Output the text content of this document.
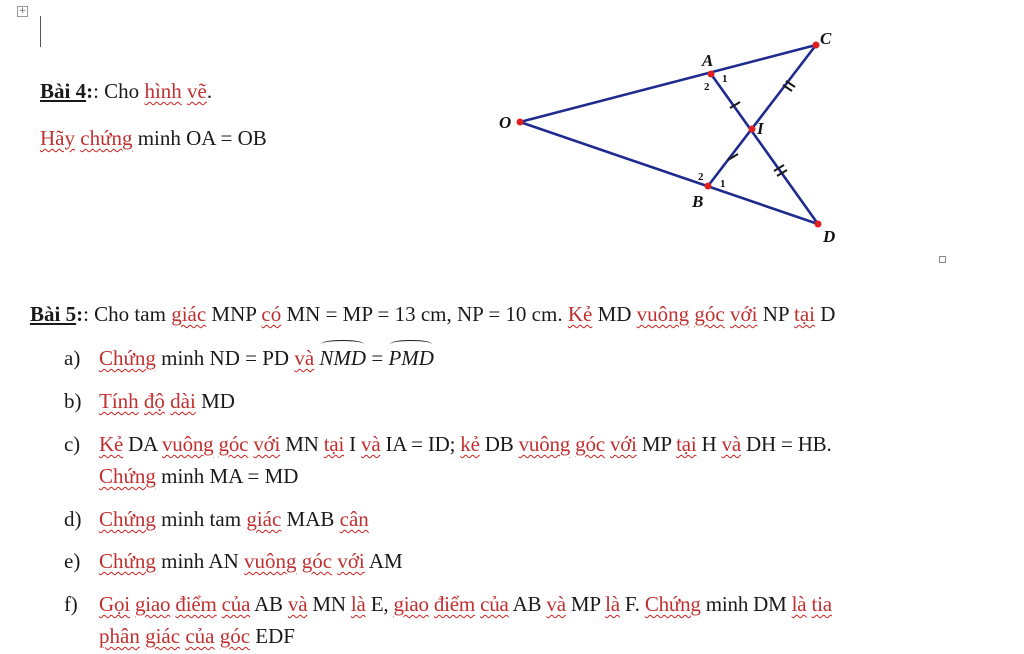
+
Bài 4:: Cho hình vẽ.
Hãy chứng minh OA = OB
O
A
C
I
B
D
1
2
1
2
Bài 5:: Cho tam giác MNP có MN = MP = 13 cm, NP = 10 cm. Kẻ MD vuông góc với NP tại D
a) Chứng minh ND = PD và NMD = PMD
b) Tính độ dài MD
c) Kẻ DA vuông góc với MN tại I và IA = ID; kẻ DB vuông góc với MP tại H và DH = HB.
Chứng minh MA = MD
d) Chứng minh tam giác MAB cân
e) Chứng minh AN vuông góc với AM
f) Gọi giao điểm của AB và MN là E, giao điểm của AB và MP là F. Chứng minh DM là tia
phân giác của góc EDF
